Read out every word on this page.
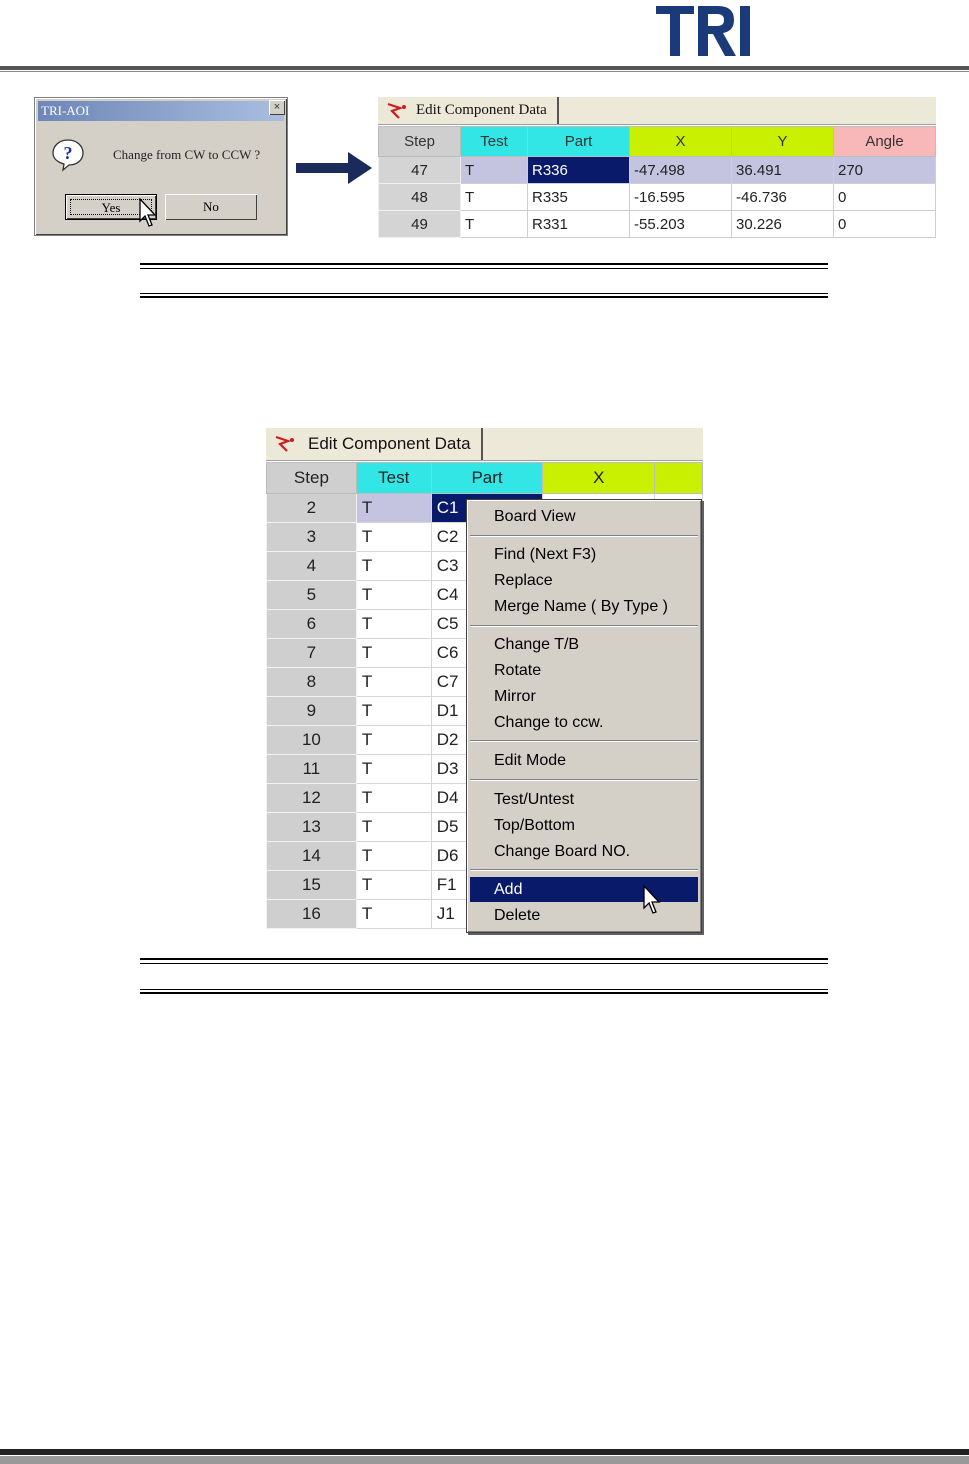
TRI-AOI	×
?	Change from CW to CCW ?
Yes	No
Edit Component Data
Step	Test	Part	X	Y	Angle
47	T	R336	-47.498	36.491	270
48	T	R335	-16.595	-46.736	0
49	T	R331	-55.203	30.226	0
Edit Component Data
Step	Test	Part	X	
2	T	C1		
3	T	C2		
4	T	C3		
5	T	C4		
6	T	C5		
7	T	C6		
8	T	C7		
9	T	D1		
10	T	D2		
11	T	D3		
12	T	D4		
13	T	D5		
14	T	D6		
15	T	F1		
16	T	J1		
Board View
Find (Next F3)
Replace
Merge Name ( By Type )
Change T/B
Rotate
Mirror
Change to ccw.
Edit Mode
Test/Untest
Top/Bottom
Change Board NO.
Add
Delete
